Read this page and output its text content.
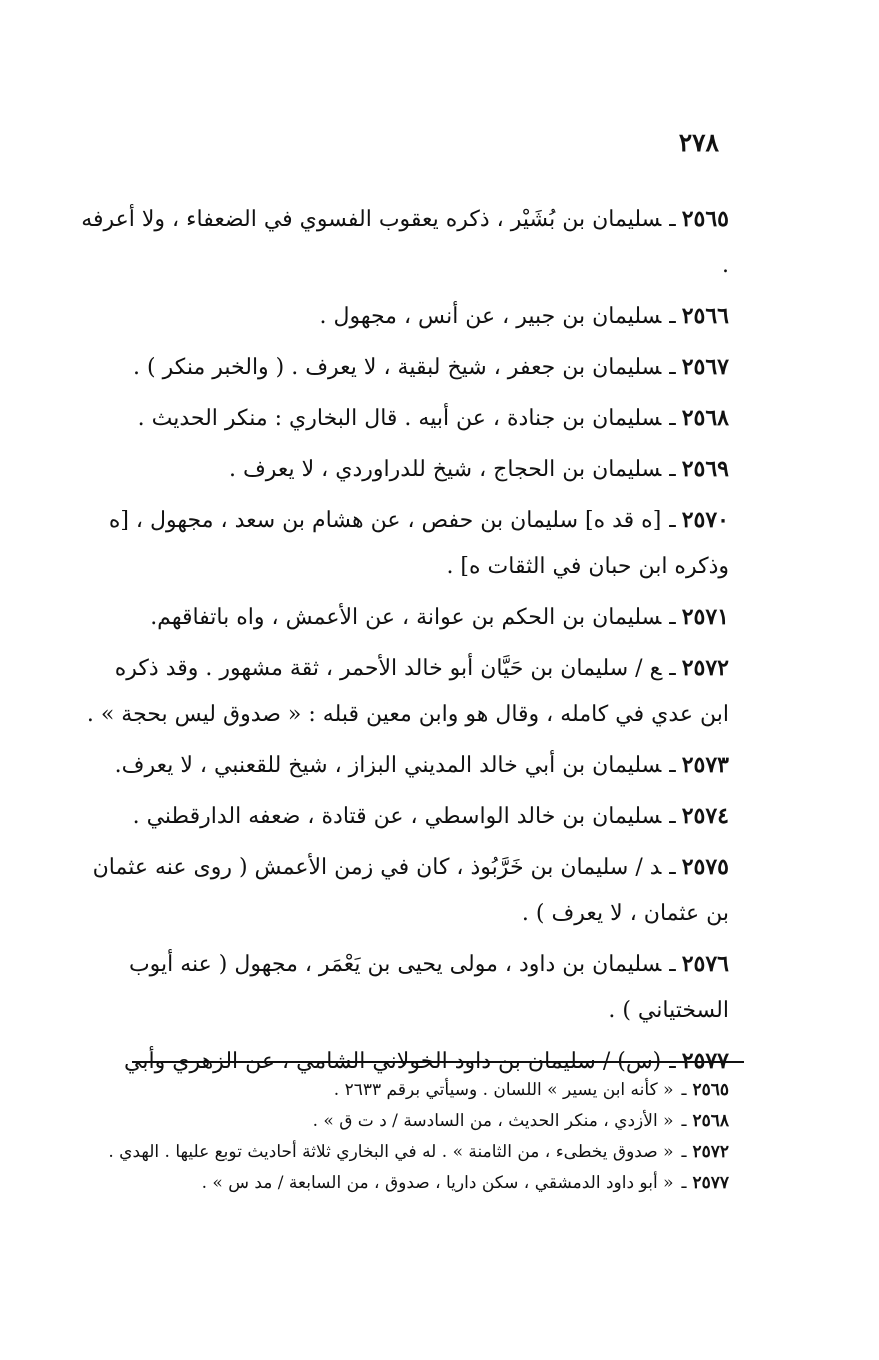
٢٧٨

٢٥٦٥ـسليمان بن بُشَيْر ، ذكره يعقوب الفسوي في الضعفاء ، ولا أعرفه .

٢٥٦٦ـسليمان بن جبير ، عن أنس ، مجهول .

٢٥٦٧ـسليمان بن جعفر ، شيخ لبقية ، لا يعرف . ( والخبر منكر ) .

٢٥٦٨ـسليمان بن جنادة ، عن أبيه . قال البخاري : منكر الحديث .

٢٥٦٩ـسليمان بن الحجاج ، شيخ للدراوردي ، لا يعرف .

٢٥٧٠ـ[ه قد ه] سليمان بن حفص ، عن هشام بن سعد ، مجهول ، [ه وذكره ابن حبان في الثقات ه] .

٢٥٧١ـسليمان بن الحكم بن عوانة ، عن الأعمش ، واه باتفاقهم.

٢٥٧٢ـع / سليمان بن حَيَّان أبو خالد الأحمر ، ثقة مشهور . وقد ذكره ابن عدي في كامله ، وقال هو وابن معين قبله : « صدوق ليس بحجة » .

٢٥٧٣ـسليمان بن أبي خالد المديني البزاز ، شيخ للقعنبي ، لا يعرف.

٢٥٧٤ـسليمان بن خالد الواسطي ، عن قتادة ، ضعفه الدارقطني .

٢٥٧٥ـد / سليمان بن خَرَّبُوذ ، كان في زمن الأعمش ( روى عنه عثمان بن عثمان ، لا يعرف ) .

٢٥٧٦ـسليمان بن داود ، مولى يحيى بن يَعْمَر ، مجهول ( عنه أيوب السختياني ) .

٢٥٧٧ـ(س) / سليمان بن داود الخولاني الشامي ، عن الزهري وأبي

٢٥٦٥ـ« كأنه ابن يسير » اللسان . وسيأتي برقم ٢٦٣٣ .

٢٥٦٨ـ« الأزدي ، منكر الحديث ، من السادسة / د ت ق » .

٢٥٧٢ـ« صدوق يخطىء ، من الثامنة » . له في البخاري ثلاثة أحاديث توبع عليها . الهدي .

٢٥٧٧ـ« أبو داود الدمشقي ، سكن داريا ، صدوق ، من السابعة / مد س » .
